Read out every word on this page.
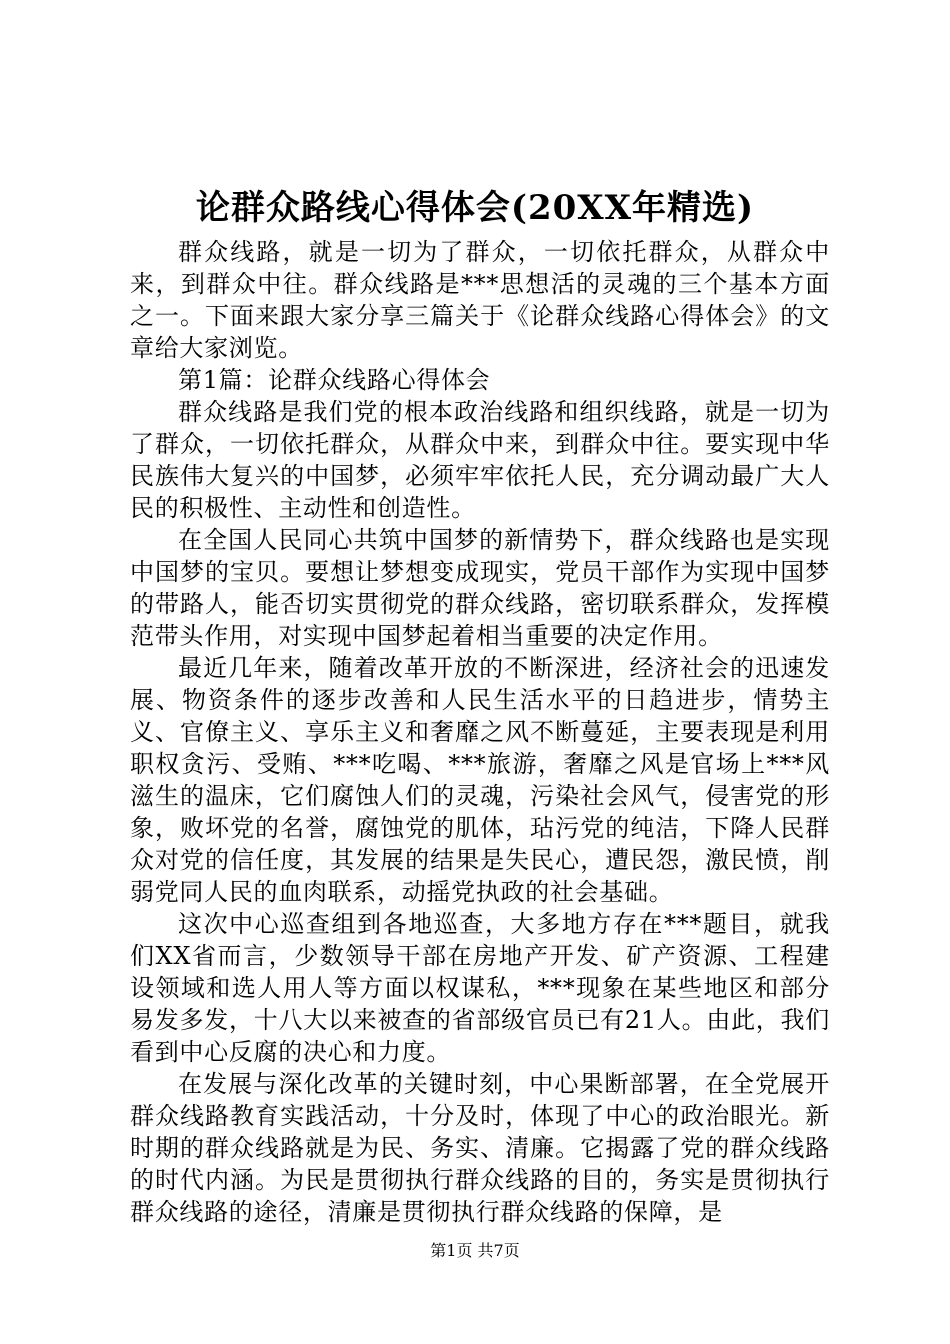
论群众路线心得体会(20XX年精选)

群众线路，就是一切为了群众，一切依托群众，从群众中来，到群众中往。群众线路是***思想活的灵魂的三个基本方面之一。下面来跟大家分享三篇关于《论群众线路心得体会》的文章给大家浏览。

第1篇：论群众线路心得体会

群众线路是我们党的根本政治线路和组织线路，就是一切为了群众，一切依托群众，从群众中来，到群众中往。要实现中华民族伟大复兴的中国梦，必须牢牢依托人民，充分调动最广大人民的积极性、主动性和创造性。

在全国人民同心共筑中国梦的新情势下，群众线路也是实现中国梦的宝贝。要想让梦想变成现实，党员干部作为实现中国梦的带路人，能否切实贯彻党的群众线路，密切联系群众，发挥模范带头作用，对实现中国梦起着相当重要的决定作用。

最近几年来，随着改革开放的不断深进，经济社会的迅速发展、物资条件的逐步改善和人民生活水平的日趋进步，情势主义、官僚主义、享乐主义和奢靡之风不断蔓延，主要表现是利用职权贪污、受贿、***吃喝、***旅游，奢靡之风是官场上***风滋生的温床，它们腐蚀人们的灵魂，污染社会风气，侵害党的形象，败坏党的名誉，腐蚀党的肌体，玷污党的纯洁，下降人民群众对党的信任度，其发展的结果是失民心，遭民怨，激民愤，削弱党同人民的血肉联系，动摇党执政的社会基础。

这次中心巡查组到各地巡查，大多地方存在***题目，就我们XX省而言，少数领导干部在房地产开发、矿产资源、工程建设领域和选人用人等方面以权谋私，***现象在某些地区和部分易发多发，十八大以来被查的省部级官员已有21人。由此，我们看到中心反腐的决心和力度。

在发展与深化改革的关键时刻，中心果断部署，在全党展开群众线路教育实践活动，十分及时，体现了中心的政治眼光。新时期的群众线路就是为民、务实、清廉。它揭露了党的群众线路的时代内涵。为民是贯彻执行群众线路的目的，务实是贯彻执行群众线路的途径，清廉是贯彻执行群众线路的保障，是

第1页 共7页
